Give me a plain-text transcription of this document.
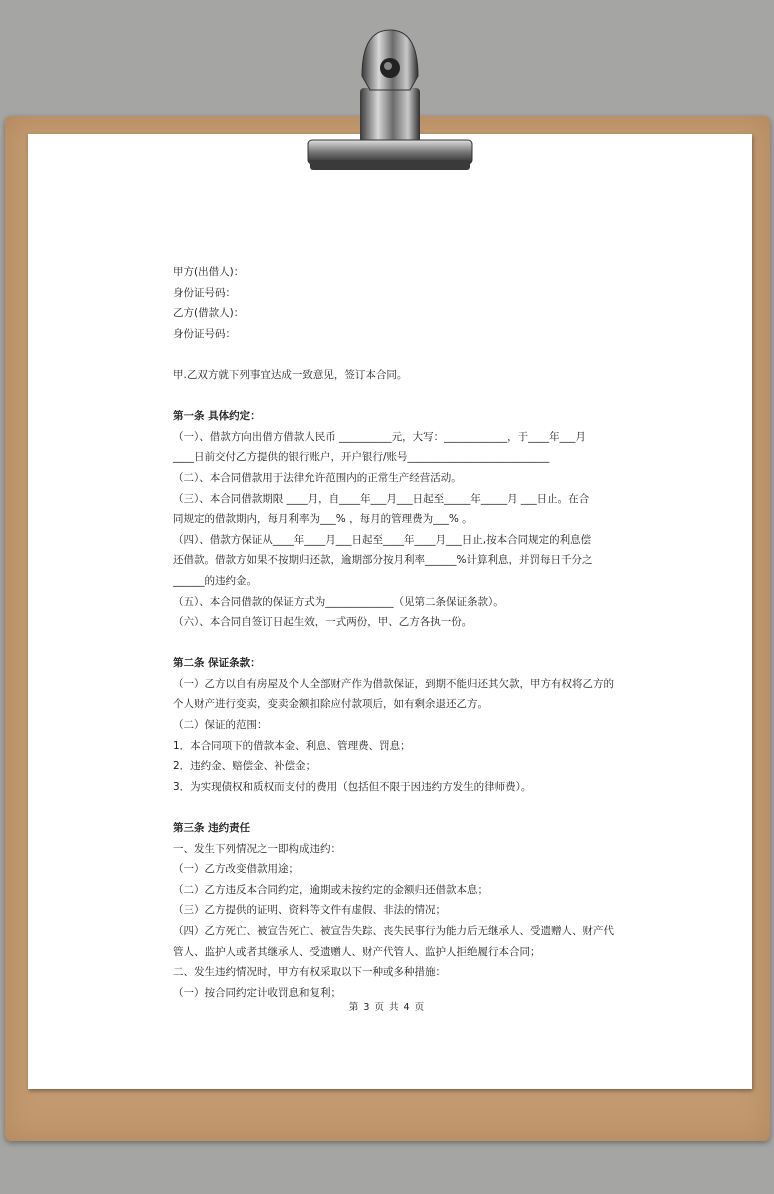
甲方(出借人)：
身份证号码：
乙方(借款人)：
身份证号码：
甲.乙双方就下列事宜达成一致意见，签订本合同。
第一条 具体约定：
（一）、借款方向出借方借款人民币 __________元，大写：____________，于____年___月
____日前交付乙方提供的银行账户，开户银行/账号___________________________
（二）、本合同借款用于法律允许范围内的正常生产经营活动。
（三）、本合同借款期限 ____月，自____年___月___日起至_____年_____月 ___日止。在合
同规定的借款期内，每月利率为___% ，每月的管理费为___% 。
（四）、借款方保证从____年____月___日起至____年____月___日止,按本合同规定的利息偿
还借款。借款方如果不按期归还款，逾期部分按月利率______%计算利息，并罚每日千分之
______的违约金。
（五）、本合同借款的保证方式为_____________（见第二条保证条款）。
（六）、本合同自签订日起生效，一式两份，甲、乙方各执一份。
第二条 保证条款：
（一）乙方以自有房屋及个人全部财产作为借款保证，到期不能归还其欠款，甲方有权将乙方的
个人财产进行变卖，变卖金额扣除应付款项后，如有剩余退还乙方。
（二）保证的范围：
1．本合同项下的借款本金、利息、管理费、罚息；
2．违约金、赔偿金、补偿金；
3．为实现债权和质权而支付的费用（包括但不限于因违约方发生的律师费）。
第三条 违约责任
一、发生下列情况之一即构成违约：
（一）乙方改变借款用途；
（二）乙方违反本合同约定，逾期或未按约定的金额归还借款本息；
（三）乙方提供的证明、资料等文件有虚假、非法的情况；
（四）乙方死亡、被宣告死亡、被宣告失踪、丧失民事行为能力后无继承人、受遗赠人、财产代
管人、监护人或者其继承人、受遗赠人、财产代管人、监护人拒绝履行本合同；
二、发生违约情况时，甲方有权采取以下一种或多种措施：
（一）按合同约定计收罚息和复利；
第 3 页 共 4 页
